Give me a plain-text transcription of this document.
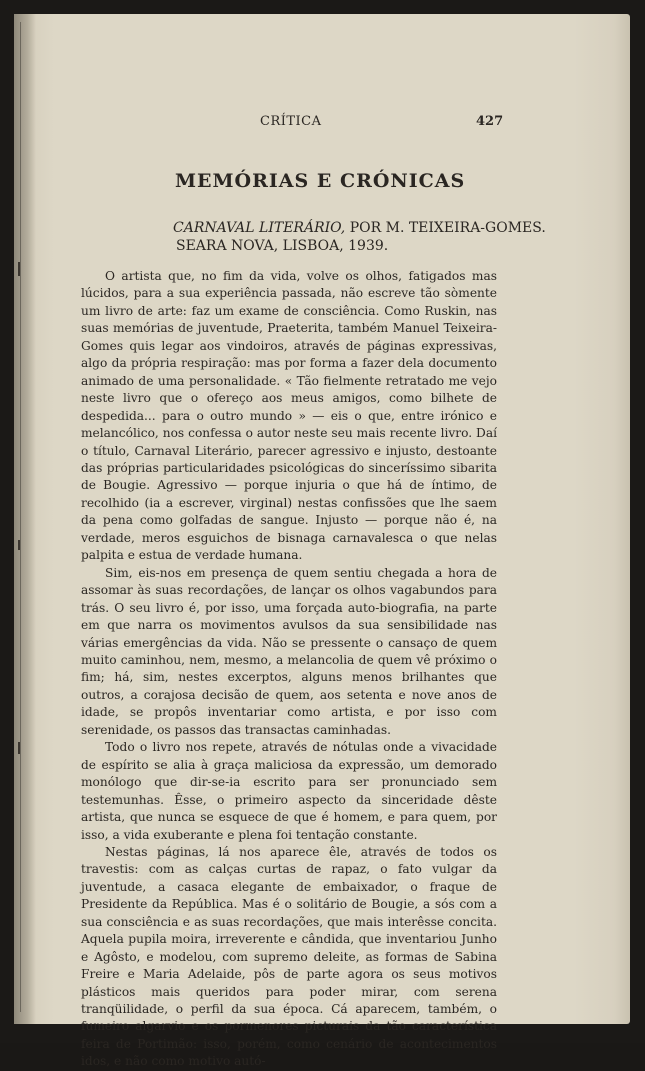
CRÍTICA	427
MEMÓRIAS E CRÓNICAS
CARNAVAL LITERÁRIO, POR M. TEIXEIRA-GOMES.
SEARA NOVA, LISBOA, 1939.

O artista que, no fim da vida, volve os olhos, fatigados mas lúcidos, para a sua experiência passada, não escreve tão sòmente um livro de arte: faz um exame de consciência. Como Ruskin, nas suas memórias de juventude, Praeterita, também Manuel Teixeira-Gomes quis legar aos vindoiros, através de páginas expressivas, algo da própria respiração: mas por forma a fazer dela documento animado de uma personalidade. « Tão fielmente retratado me vejo neste livro que o ofereço aos meus amigos, como bilhete de despedida... para o outro mundo » — eis o que, entre irónico e melancólico, nos confessa o autor neste seu mais recente livro. Daí o título, Carnaval Literário, parecer agressivo e injusto, destoante das próprias particularidades psicológicas do sinceríssimo sibarita de Bougie. Agressivo — porque injuria o que há de íntimo, de recolhido (ia a escrever, virginal) nestas confissões que lhe saem da pena como golfadas de sangue. Injusto — porque não é, na verdade, meros esguichos de bisnaga carnavalesca o que nelas palpita e estua de verdade humana.

Sim, eis-nos em presença de quem sentiu chegada a hora de assomar às suas recordações, de lançar os olhos vagabundos para trás. O seu livro é, por isso, uma forçada auto-biografia, na parte em que narra os movimentos avulsos da sua sensibilidade nas várias emergências da vida. Não se pressente o cansaço de quem muito caminhou, nem, mesmo, a melancolia de quem vê próximo o fim; há, sim, nestes excerptos, alguns menos brilhantes que outros, a corajosa decisão de quem, aos setenta e nove anos de idade, se propôs inventariar como artista, e por isso com serenidade, os passos das transactas caminhadas.

Todo o livro nos repete, através de nótulas onde a vivacidade de espírito se alia à graça maliciosa da expressão, um demorado monólogo que dir-se-ia escrito para ser pronunciado sem testemunhas. Êsse, o primeiro aspecto da sinceridade dêste artista, que nunca se esquece de que é homem, e para quem, por isso, a vida exuberante e plena foi tentação constante.

Nestas páginas, lá nos aparece êle, através de todos os travestis: com as calças curtas de rapaz, o fato vulgar da juventude, a casaca elegante de embaixador, o fraque de Presidente da República. Mas é o solitário de Bougie, a sós com a sua consciência e as suas recordações, que mais interêsse concita. Aquela pupila moira, irreverente e cândida, que inventariou Junho e Agôsto, e modelou, com supremo deleite, as formas de Sabina Freire e Maria Adelaide, pôs de parte agora os seus motivos plásticos mais queridos para poder mirar, com serena tranqüilidade, o perfil da sua época. Cá aparecem, também, o fumeiro algarvio e os pormenores picturais da tão característica feira de Portimão: isso, porém, como cenário de acontecimentos idos, e não como motivo autó-
